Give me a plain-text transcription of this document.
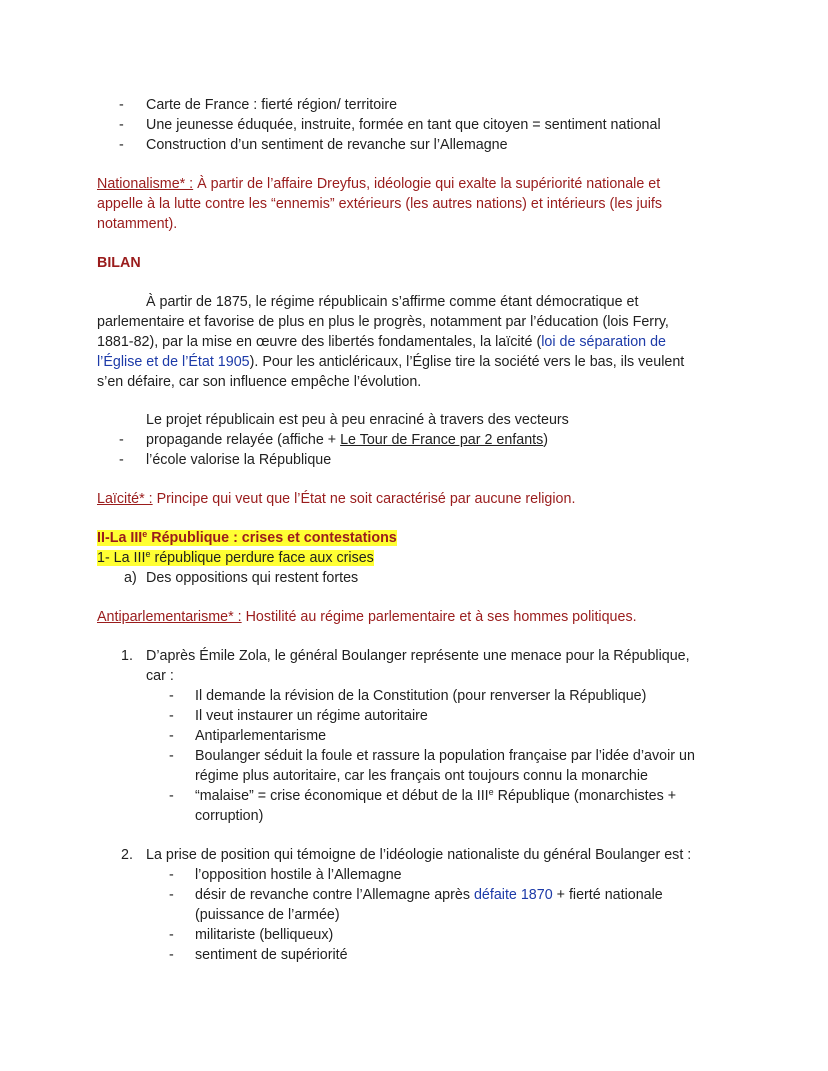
- Carte de France : fierté région/ territoire
- Une jeunesse éduquée, instruite, formée en tant que citoyen = sentiment national
- Construction d’un sentiment de revanche sur l’Allemagne
Nationalisme* : À partir de l’affaire Dreyfus, idéologie qui exalte la supériorité nationale et
appelle à la lutte contre les “ennemis” extérieurs (les autres nations) et intérieurs (les juifs
notamment).
BILAN
À partir de 1875, le régime républicain s’affirme comme étant démocratique et
parlementaire et favorise de plus en plus le progrès, notamment par l’éducation (lois Ferry,
1881-82), par la mise en œuvre des libertés fondamentales, la laïcité (loi de séparation de
l’Église et de l’État 1905). Pour les anticléricaux, l’Église tire la société vers le bas, ils veulent
s’en défaire, car son influence empêche l’évolution.
Le projet républicain est peu à peu enraciné à travers des vecteurs
- propagande relayée (affiche + Le Tour de France par 2 enfants)
- l’école valorise la République
Laïcité* : Principe qui veut que l’État ne soit caractérisé par aucune religion.
II-La IIIe République : crises et contestations
1- La IIIe république perdure face aux crises
a) Des oppositions qui restent fortes
Antiparlementarisme* : Hostilité au régime parlementaire et à ses hommes politiques.
1. D’après Émile Zola, le général Boulanger représente une menace pour la République,
car :
- Il demande la révision de la Constitution (pour renverser la République)
- Il veut instaurer un régime autoritaire
- Antiparlementarisme
- Boulanger séduit la foule et rassure la population française par l’idée d’avoir un
régime plus autoritaire, car les français ont toujours connu la monarchie
- “malaise” = crise économique et début de la IIIe République (monarchistes +
corruption)
2. La prise de position qui témoigne de l’idéologie nationaliste du général Boulanger est :
- l’opposition hostile à l’Allemagne
- désir de revanche contre l’Allemagne après défaite 1870 + fierté nationale
(puissance de l’armée)
- militariste (belliqueux)
- sentiment de supériorité
